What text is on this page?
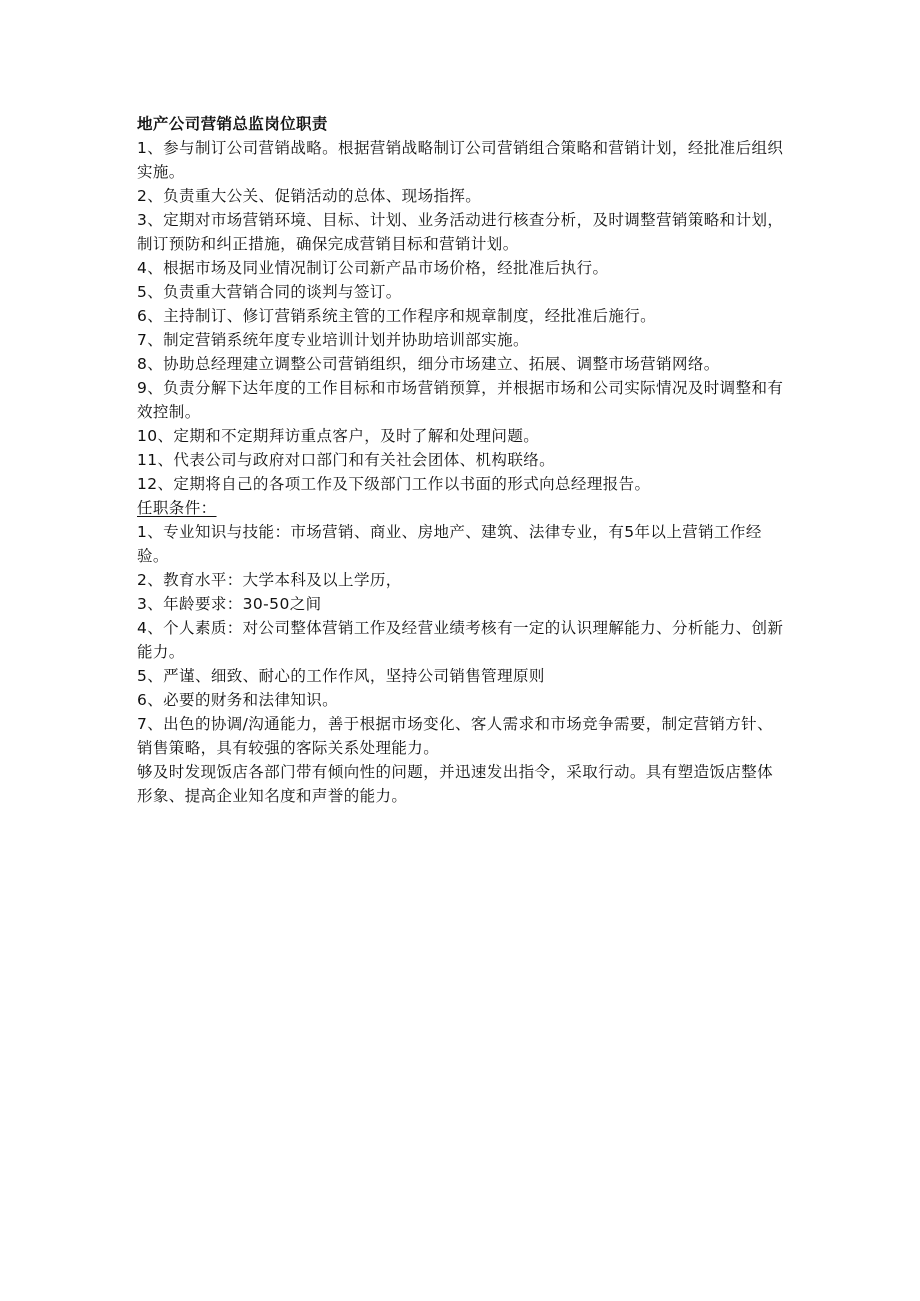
地产公司营销总监岗位职责

1、参与制订公司营销战略。根据营销战略制订公司营销组合策略和营销计划，经批准后组织实施。

2、负责重大公关、促销活动的总体、现场指挥。

3、定期对市场营销环境、目标、计划、业务活动进行核查分析，及时调整营销策略和计划，制订预防和纠正措施，确保完成营销目标和营销计划。

4、根据市场及同业情况制订公司新产品市场价格，经批准后执行。

5、负责重大营销合同的谈判与签订。

6、主持制订、修订营销系统主管的工作程序和规章制度，经批准后施行。

7、制定营销系统年度专业培训计划并协助培训部实施。

8、协助总经理建立调整公司营销组织，细分市场建立、拓展、调整市场营销网络。

9、负责分解下达年度的工作目标和市场营销预算，并根据市场和公司实际情况及时调整和有效控制。

10、定期和不定期拜访重点客户，及时了解和处理问题。

11、代表公司与政府对口部门和有关社会团体、机构联络。

12、定期将自己的各项工作及下级部门工作以书面的形式向总经理报告。

任职条件：

1、专业知识与技能：市场营销、商业、房地产、建筑、法律专业，有5年以上营销工作经验。

2、教育水平：大学本科及以上学历，

3、年龄要求：30-50之间

4、个人素质：对公司整体营销工作及经营业绩考核有一定的认识理解能力、分析能力、创新能力。

5、严谨、细致、耐心的工作作风，坚持公司销售管理原则

6、必要的财务和法律知识。

7、出色的协调/沟通能力，善于根据市场变化、客人需求和市场竞争需要，制定营销方针、销售策略，具有较强的客际关系处理能力。

够及时发现饭店各部门带有倾向性的问题，并迅速发出指令，采取行动。具有塑造饭店整体形象、提高企业知名度和声誉的能力。
